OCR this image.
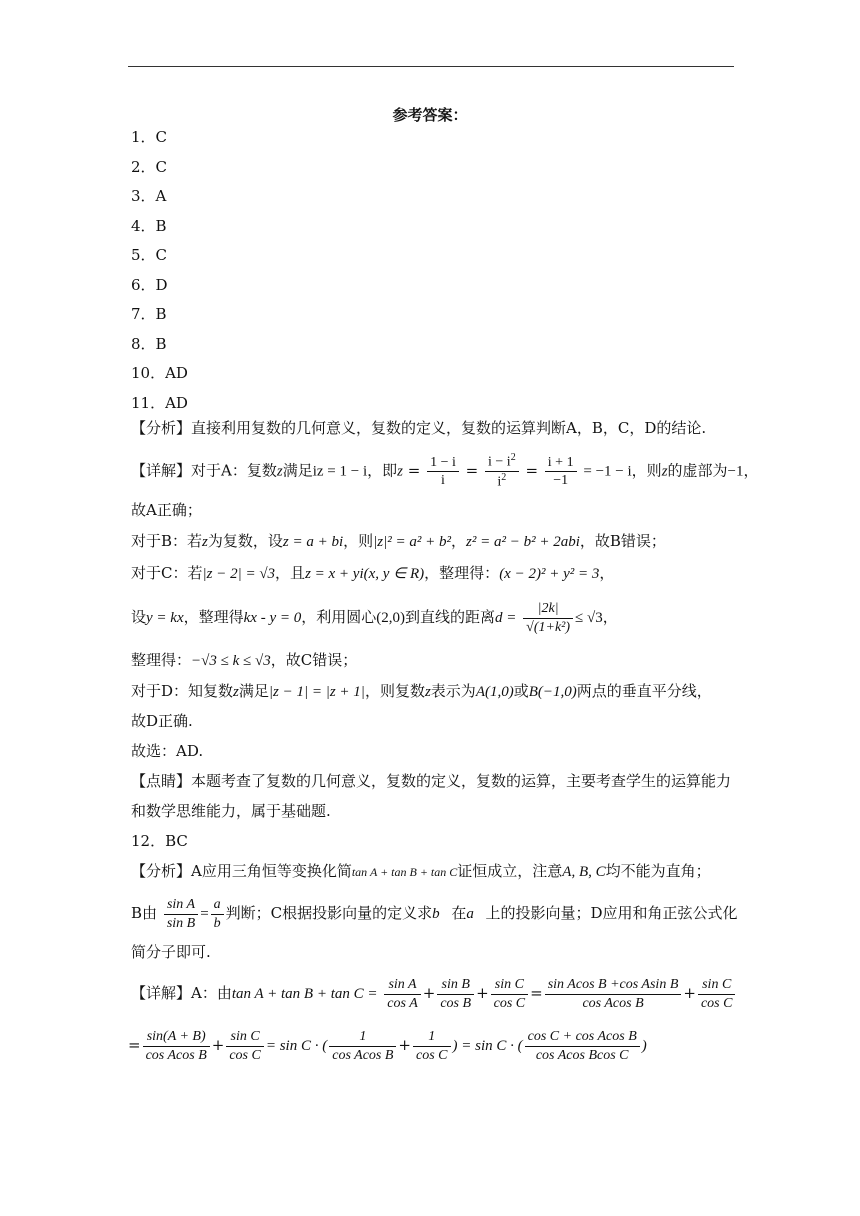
参考答案：
1．C
2．C
3．A
4．B
5．C
6．D
7．B
8．B
10．AD
11．AD
【分析】直接利用复数的几何意义，复数的定义，复数的运算判断A，B，C，D的结论.
【详解】对于A：复数z满足iz = 1 − i，即$z = \frac{1 - i}{i} = \frac{i - i^2}{i^2} = \frac{i + 1}{-1} = -1 - i$，则z的虚部为−1，
故A正确；
对于B：若z为复数，设z = a + bi，则|z|² = a² + b²，z² = a² − b² + 2abi，故B错误；
对于C：若|z − 2| = √3，且z = x + yi(x, y ∈ R)，整理得：(x − 2)² + y² = 3，
设y = kx，整理得kx - y = 0，利用圆心(2,0)到直线的距离$d = \frac{|2k|}{\text{√(1+k²)}} \le √3$，
整理得：−√3 ≤ k ≤ √3，故C错误；
对于D：知复数z满足|z − 1| = |z + 1|，则复数z表示为A(1,0)或B(−1,0)两点的垂直平分线，
故D正确.
故选：AD.
【点睛】本题考查了复数的几何意义，复数的定义，复数的运算，主要考查学生的运算能力
和数学思维能力，属于基础题.
12．BC
【分析】A应用三角恒等变换化简tan A + tan B + tan C证恒成立，注意A, B, C均不能为直角；
B由 $\frac{\text{sin A}}{\text{sin B}} = \frac{a}{b}$ 判断；C根据投影向量的定义求b⃗在a⃗上的投影向量；D应用和角正弦公式化
简分子即可.
【详解】A：由$\tan A + \tan B + \tan C = \frac{\text{sin A}}{\text{cos A}} + \frac{\text{sin B}}{\text{cos B}} + \frac{\text{sin C}}{\text{cos C}} = \frac{\text{sin Acos B +cos Asin B}}{\text{cos Acos B}} + \frac{\text{sin C}}{\text{cos C}}$
= $\frac{\sin(A + B)}{\text{cos Acos B}} + \frac{\text{sin C}}{\text{cos C}} = \sin C$ · ( $\frac{1}{\text{cos Acos B}} + \frac{1}{\text{cos C}}$ ) = sin C · ( $\frac{\text{cos C + cos Acos B}}{\text{cos Acos Bcos C}}$ )
